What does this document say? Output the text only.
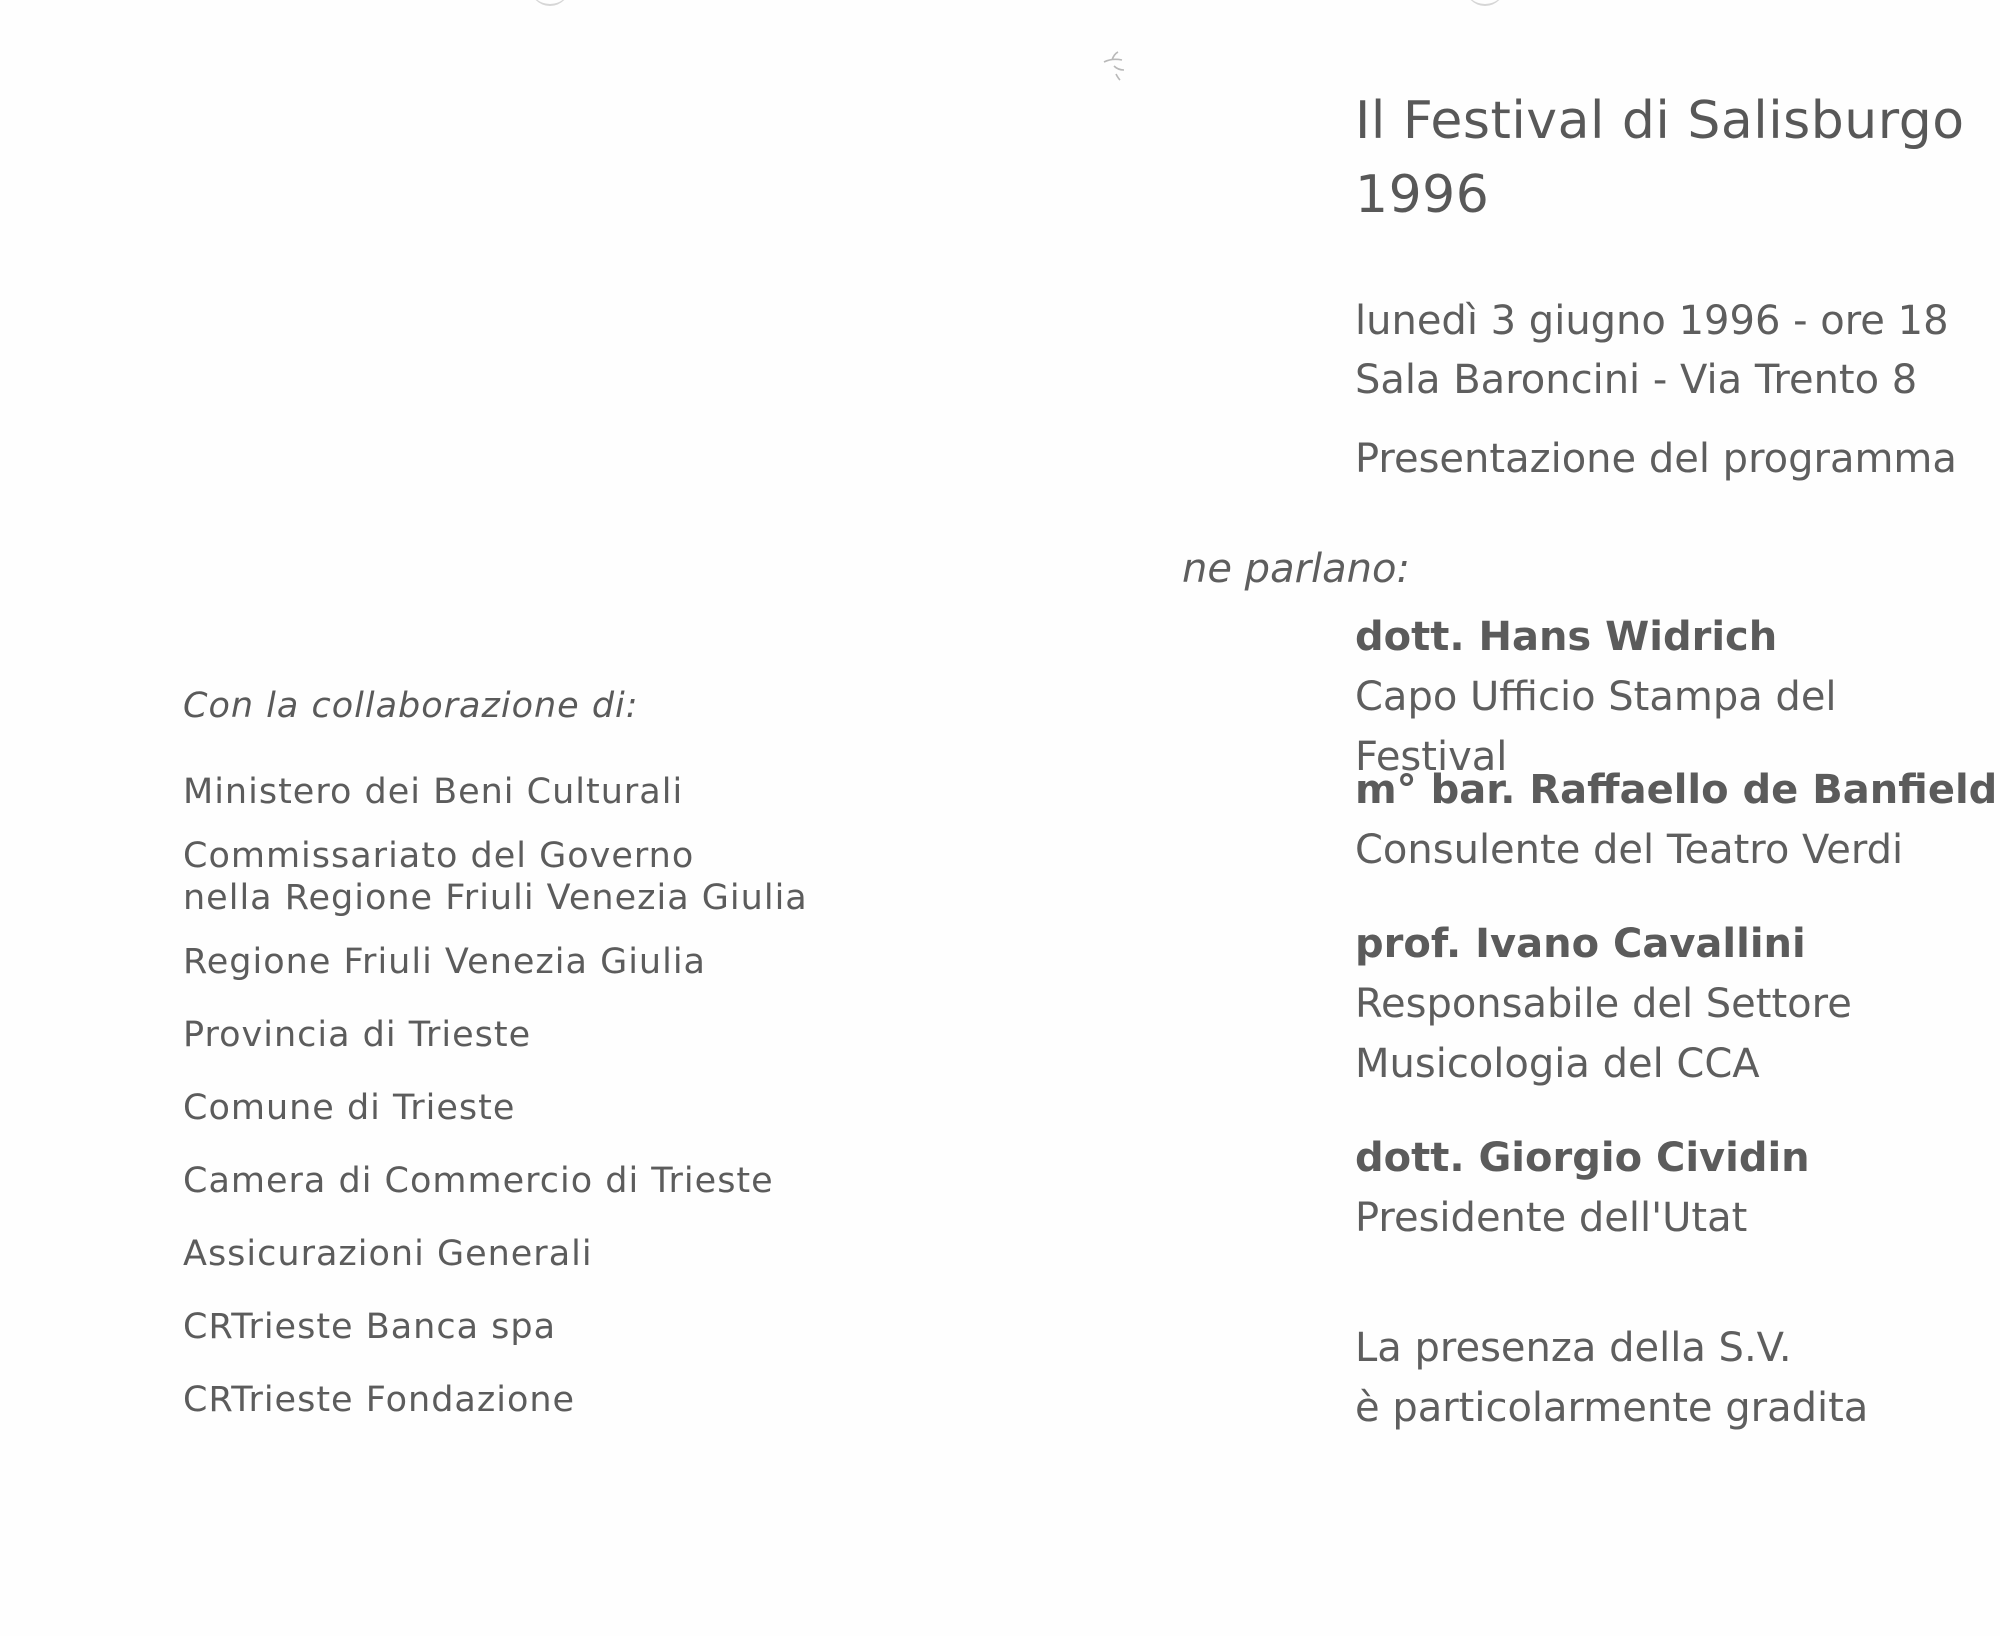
Il Festival di Salisburgo
1996
lunedì 3 giugno 1996 - ore 18
Sala Baroncini - Via Trento 8
Presentazione del programma
ne parlano:
dott. Hans Widrich
Capo Ufficio Stampa del Festival
m° bar. Raffaello de Banfield
Consulente del Teatro Verdi
prof. Ivano Cavallini
Responsabile del Settore
Musicologia del CCA
dott. Giorgio Cividin
Presidente dell'Utat
La presenza della S.V.
è particolarmente gradita
Con la collaborazione di:
Ministero dei Beni Culturali
Commissariato del Governo
nella Regione Friuli Venezia Giulia
Regione Friuli Venezia Giulia
Provincia di Trieste
Comune di Trieste
Camera di Commercio di Trieste
Assicurazioni Generali
CRTrieste Banca spa
CRTrieste Fondazione
